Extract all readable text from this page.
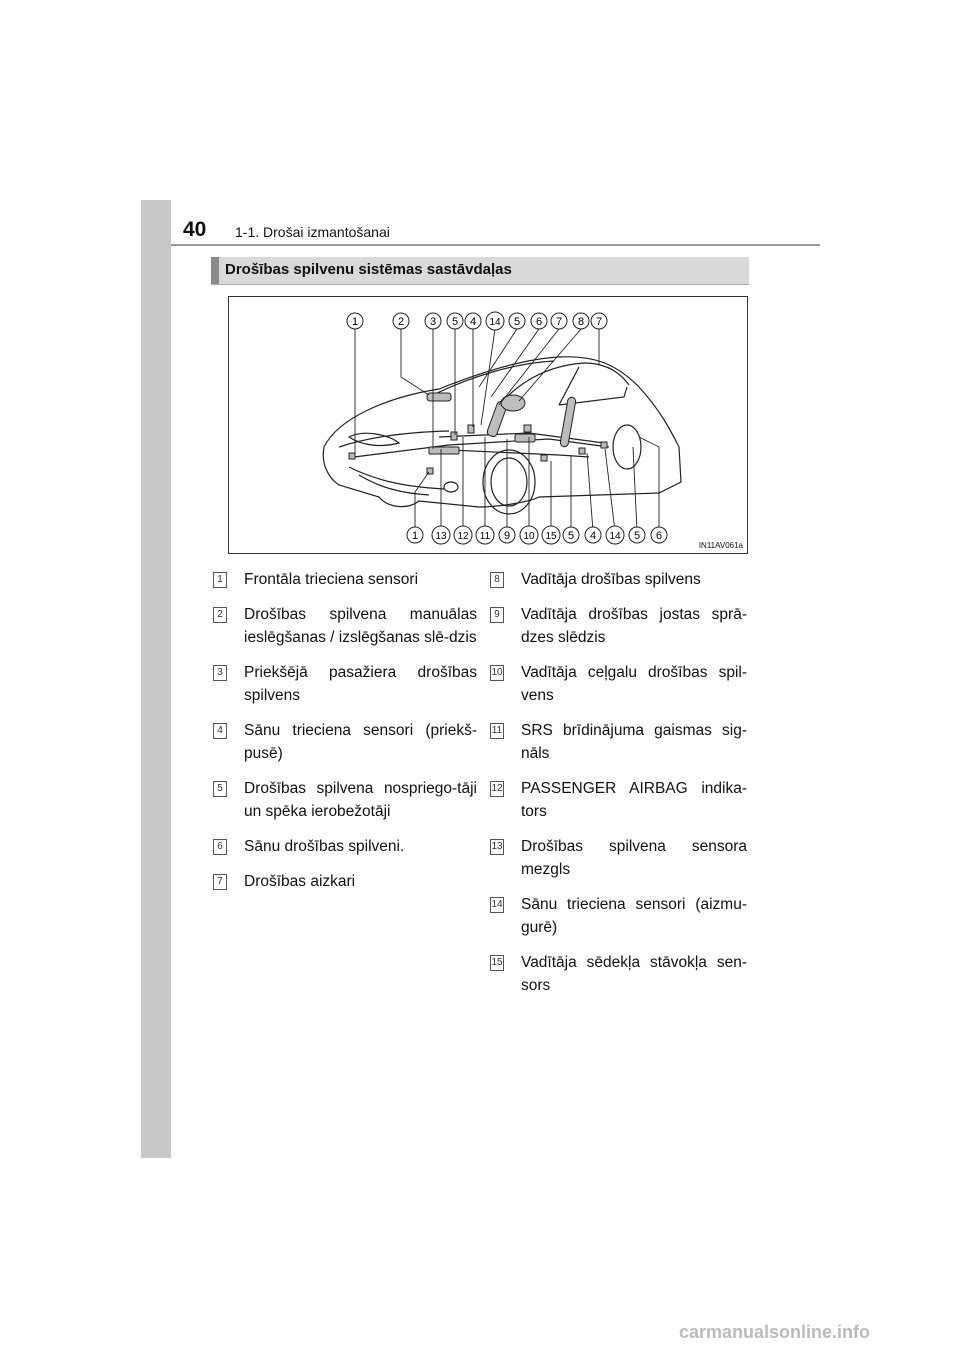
40 1-1. Drošai izmantošanai
Drošības spilvenu sistēmas sastāvdaļas
1	2 3 5 4 14 5 6 7 8 7
1 13 12 11 9 10 15 5 4 14 5 6
IN11AV061a
1 Frontāla trieciena sensori
2 Drošības spilvena manuālas ieslēgšanas / izslēgšanas slē-dzis
3 Priekšējā pasažiera drošības spilvens
4 Sānu trieciena sensori (priekš-pusē)
5 Drošības spilvena nospriego-tāji un spēka ierobežotāji
6 Sānu drošības spilveni.
7 Drošības aizkari
8 Vadītāja drošības spilvens
9 Vadītāja drošības jostas sprā-dzes slēdzis
10 Vadītāja ceļgalu drošības spil-vens
11 SRS brīdinājuma gaismas sig-nāls
12 PASSENGER AIRBAG indika-tors
13 Drošības spilvena sensora mezgls
14 Sānu trieciena sensori (aizmu-gurē)
15 Vadītāja sēdekļa stāvokļa sen-sors
carmanualsonline.info
